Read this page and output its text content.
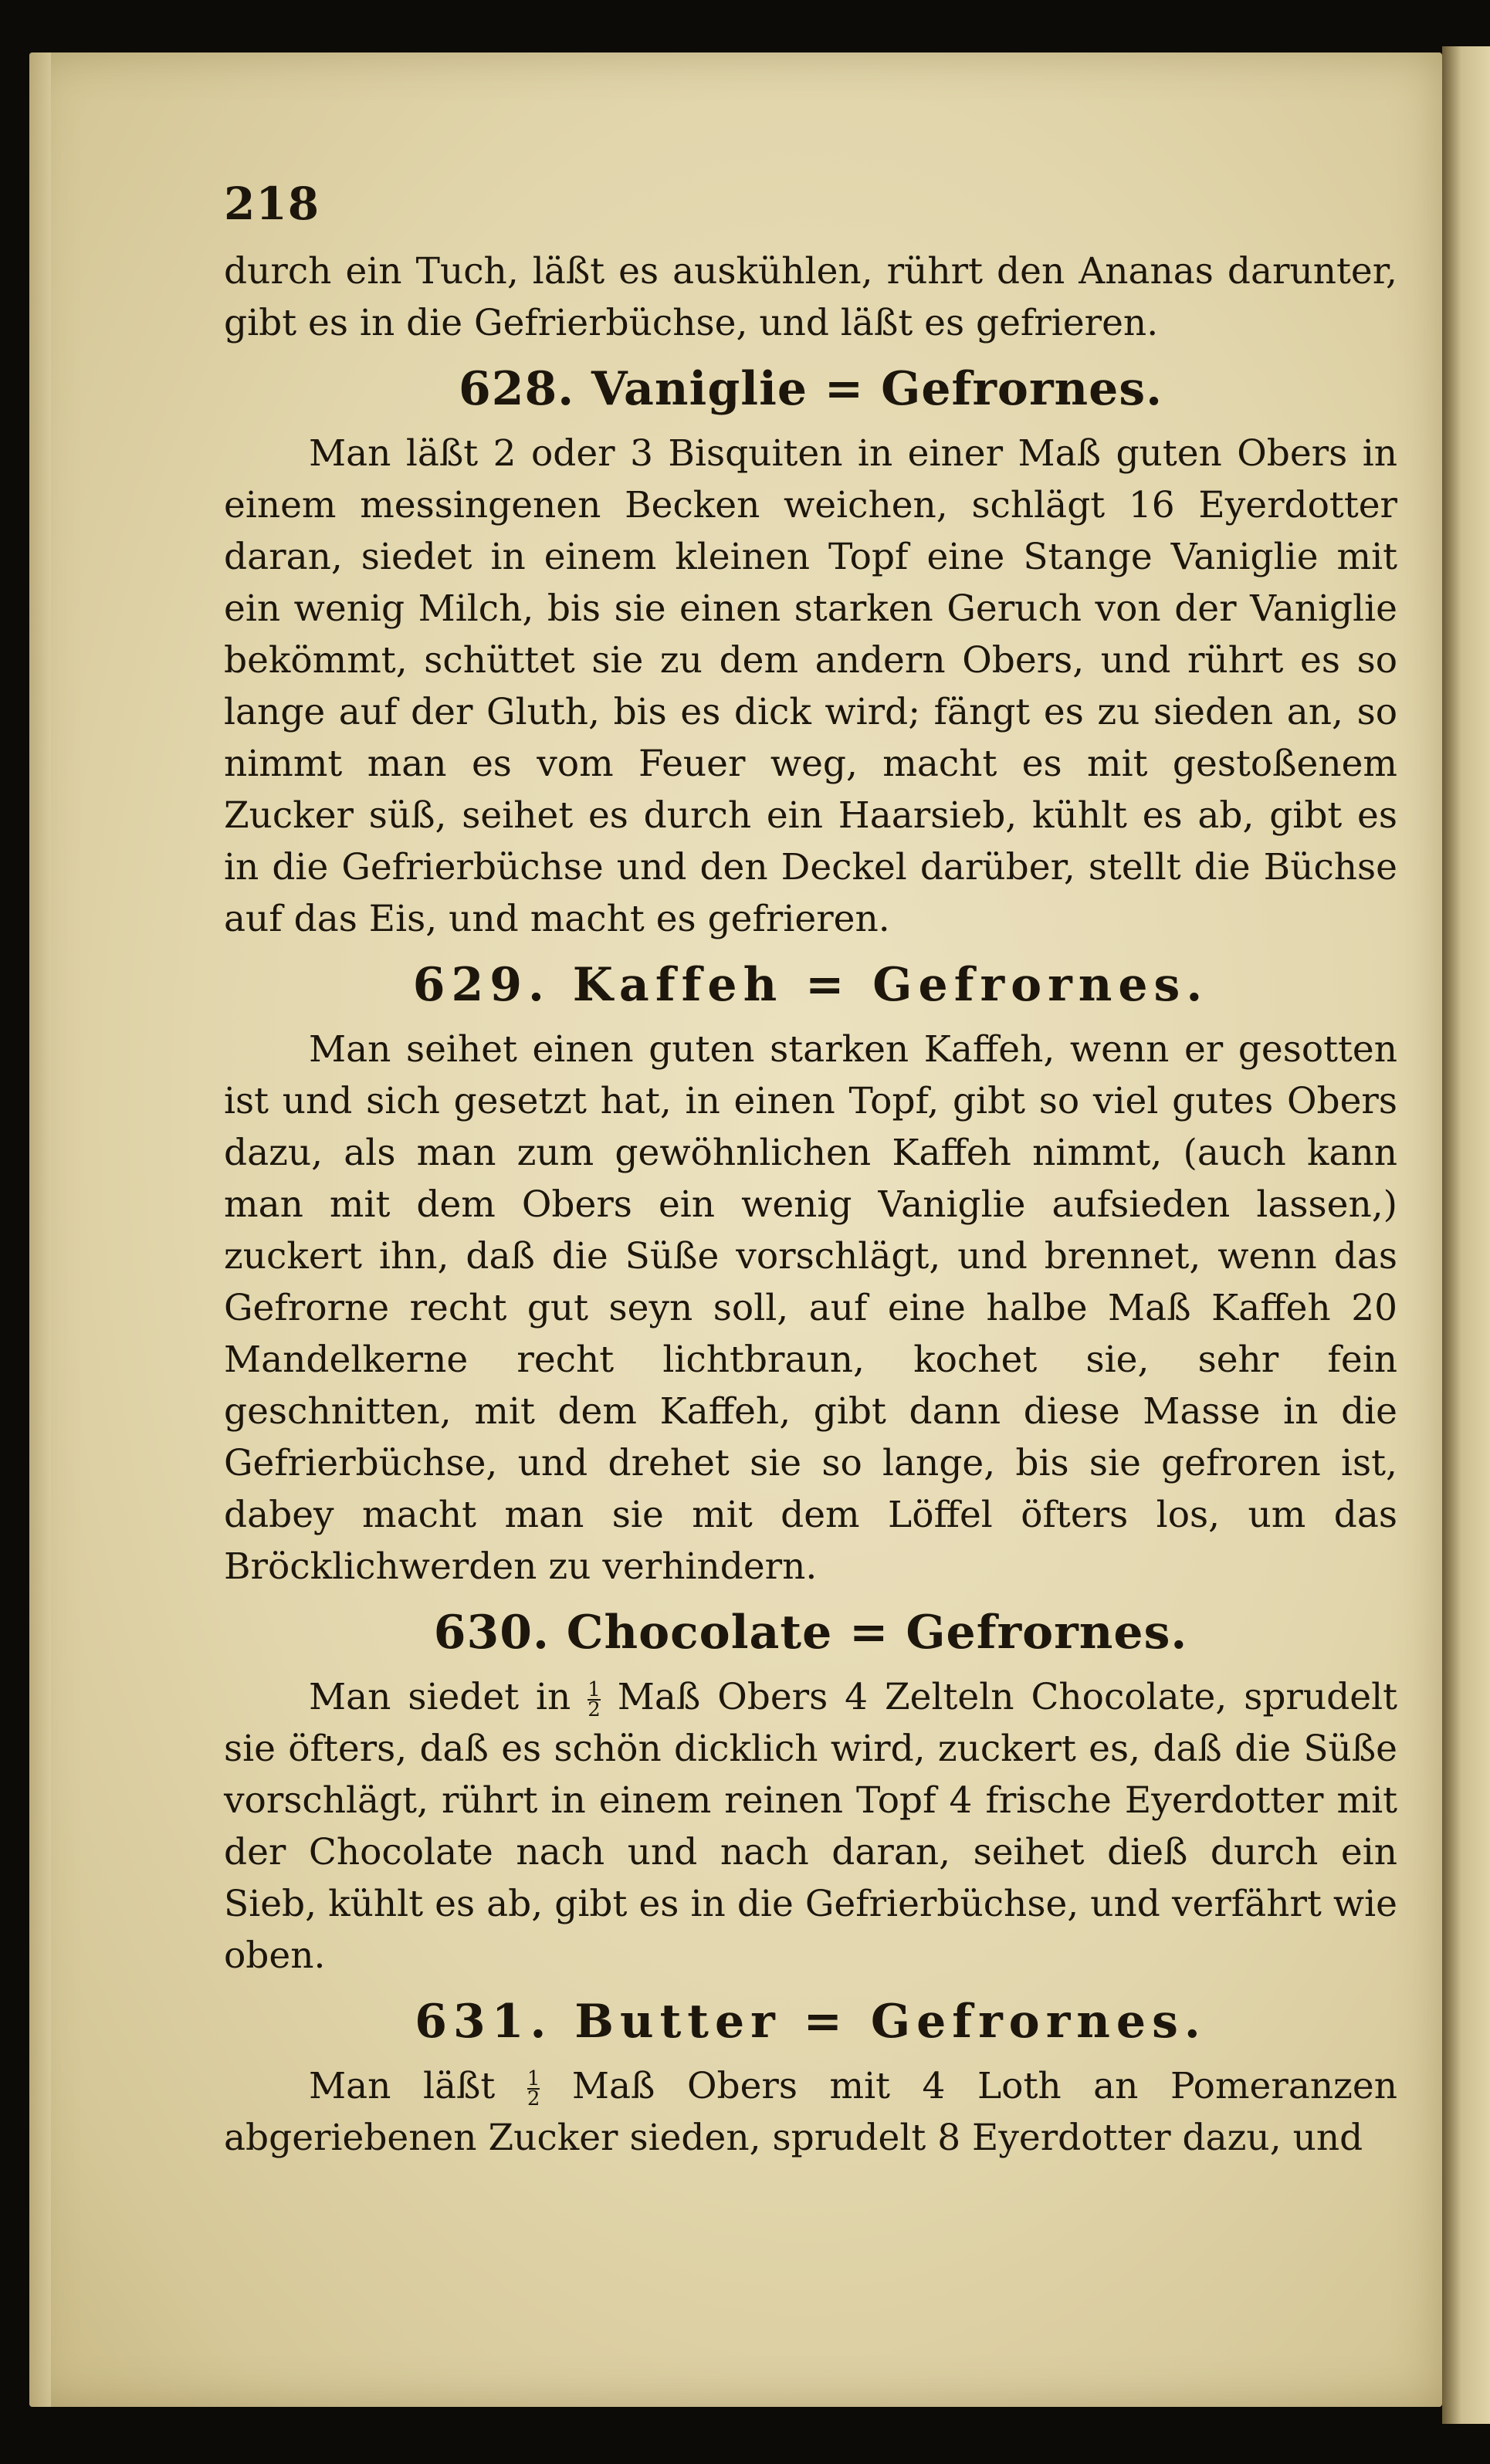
218

durch ein Tuch, läßt es auskühlen, rührt den Ananas darunter, gibt es in die Gefrierbüchse, und läßt es gefrieren.

628. Vaniglie = Gefrornes.

Man läßt 2 oder 3 Bisquiten in einer Maß guten Obers in einem messingenen Becken weichen, schlägt 16 Eyerdotter daran, siedet in einem kleinen Topf eine Stange Vaniglie mit ein wenig Milch, bis sie einen starken Geruch von der Vaniglie bekömmt, schüttet sie zu dem andern Obers, und rührt es so lange auf der Gluth, bis es dick wird; fängt es zu sieden an, so nimmt man es vom Feuer weg, macht es mit gestoßenem Zucker süß, seihet es durch ein Haarsieb, kühlt es ab, gibt es in die Gefrierbüchse und den Deckel darüber, stellt die Büchse auf das Eis, und macht es gefrieren.

629. Kaffeh = Gefrornes.

Man seihet einen guten starken Kaffeh, wenn er gesotten ist und sich gesetzt hat, in einen Topf, gibt so viel gutes Obers dazu, als man zum gewöhnlichen Kaffeh nimmt, (auch kann man mit dem Obers ein wenig Vaniglie aufsieden lassen,) zuckert ihn, daß die Süße vorschlägt, und brennet, wenn das Gefrorne recht gut seyn soll, auf eine halbe Maß Kaffeh 20 Mandelkerne recht lichtbraun, kochet sie, sehr fein geschnitten, mit dem Kaffeh, gibt dann diese Masse in die Gefrierbüchse, und drehet sie so lange, bis sie gefroren ist, dabey macht man sie mit dem Löffel öfters los, um das Bröcklichwerden zu verhindern.

630. Chocolate = Gefrornes.

Man siedet in $\frac{1}{2}$ Maß Obers 4 Zelteln Chocolate, sprudelt sie öfters, daß es schön dicklich wird, zuckert es, daß die Süße vorschlägt, rührt in einem reinen Topf 4 frische Eyerdotter mit der Chocolate nach und nach daran, seihet dieß durch ein Sieb, kühlt es ab, gibt es in die Gefrierbüchse, und verfährt wie oben.

631. Butter = Gefrornes.

Man läßt $\frac{1}{2}$ Maß Obers mit 4 Loth an Pomeranzen abgeriebenen Zucker sieden, sprudelt 8 Eyerdotter dazu, und
